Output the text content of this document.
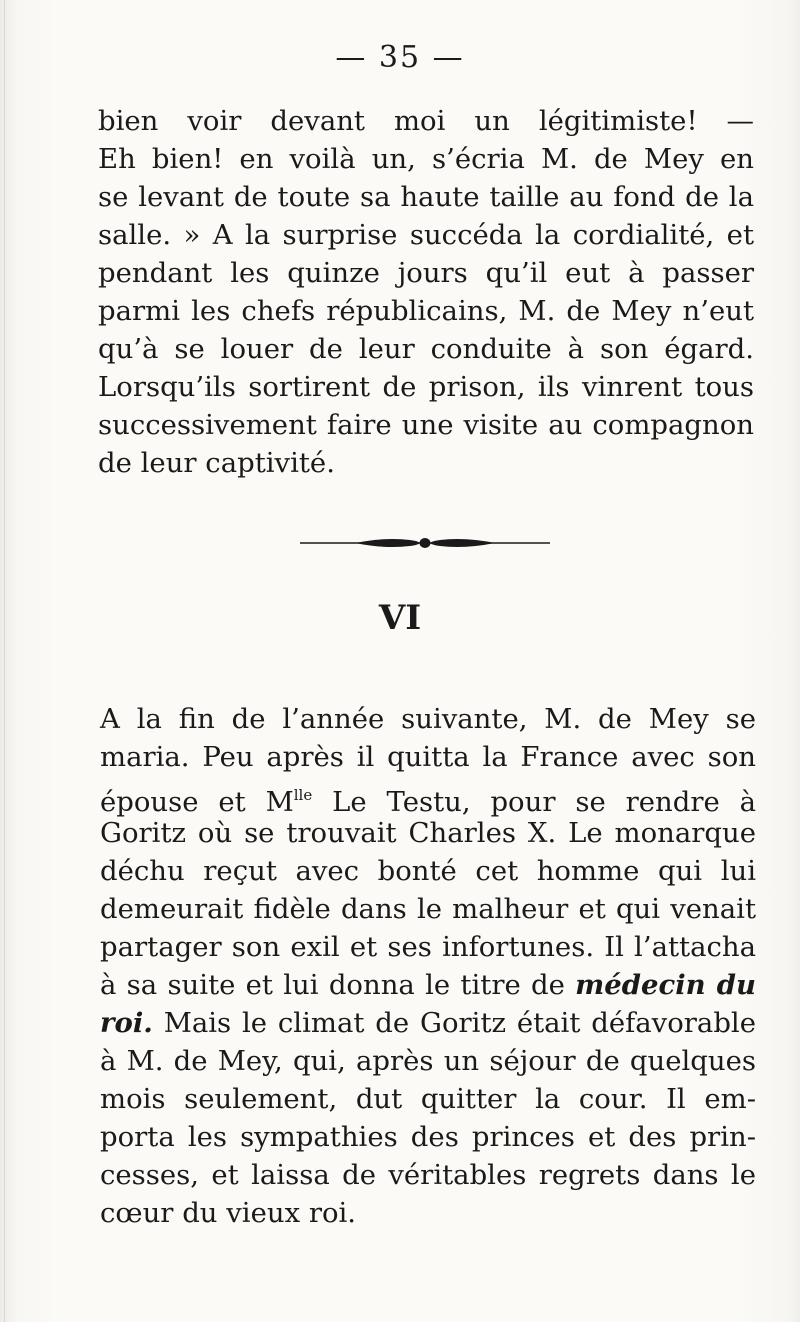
— 35 —
bien voir devant moi un légitimiste! —
Eh bien! en voilà un, s’écria M. de Mey en
se levant de toute sa haute taille au fond de la
salle. » A la surprise succéda la cordialité, et
pendant les quinze jours qu’il eut à passer
parmi les chefs républicains, M. de Mey n’eut
qu’à se louer de leur conduite à son égard.
Lorsqu’ils sortirent de prison, ils vinrent tous
successivement faire une visite au compagnon
de leur captivité.
VI
A la fin de l’année suivante, M. de Mey se
maria. Peu après il quitta la France avec son
épouse et $M^{lle}$ Le Testu, pour se rendre à
Goritz où se trouvait Charles X. Le monarque
déchu reçut avec bonté cet homme qui lui
demeurait fidèle dans le malheur et qui venait
partager son exil et ses infortunes. Il l’attacha
à sa suite et lui donna le titre de médecin du
roi. Mais le climat de Goritz était défavorable
à M. de Mey, qui, après un séjour de quelques
mois seulement, dut quitter la cour. Il em-
porta les sympathies des princes et des prin-
cesses, et laissa de véritables regrets dans le
cœur du vieux roi.
